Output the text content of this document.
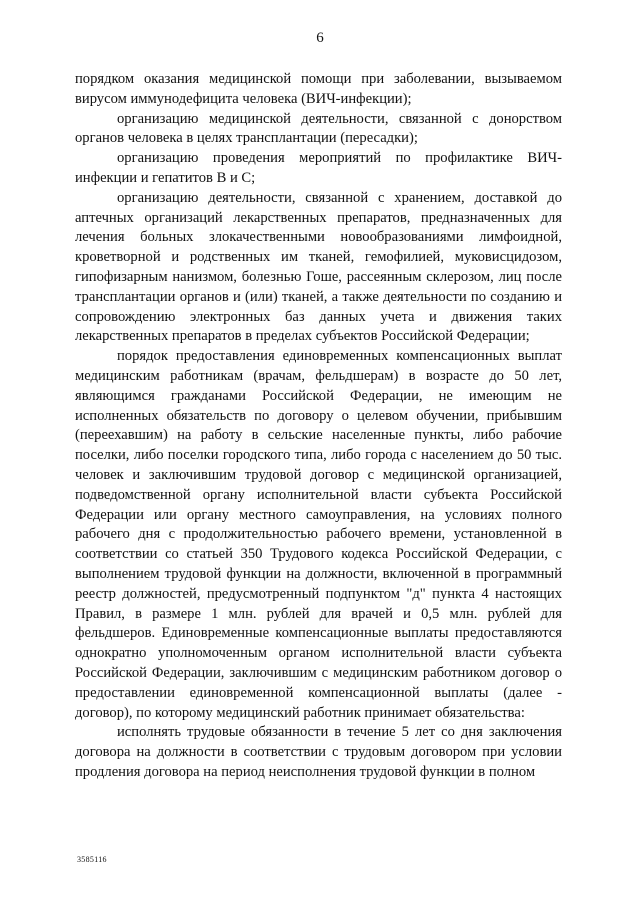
6

порядком оказания медицинской помощи при заболевании, вызываемом вирусом иммунодефицита человека (ВИЧ-инфекции);

организацию медицинской деятельности, связанной с донорством органов человека в целях трансплантации (пересадки);

организацию проведения мероприятий по профилактике ВИЧ-инфекции и гепатитов B и C;

организацию деятельности, связанной с хранением, доставкой до аптечных организаций лекарственных препаратов, предназначенных для лечения больных злокачественными новообразованиями лимфоидной, кроветворной и родственных им тканей, гемофилией, муковисцидозом, гипофизарным нанизмом, болезнью Гоше, рассеянным склерозом, лиц после трансплантации органов и (или) тканей, а также деятельности по созданию и сопровождению электронных баз данных учета и движения таких лекарственных препаратов в пределах субъектов Российской Федерации;

порядок предоставления единовременных компенсационных выплат медицинским работникам (врачам, фельдшерам) в возрасте до 50 лет, являющимся гражданами Российской Федерации, не имеющим не исполненных обязательств по договору о целевом обучении, прибывшим (переехавшим) на работу в сельские населенные пункты, либо рабочие поселки, либо поселки городского типа, либо города с населением до 50 тыс. человек и заключившим трудовой договор с медицинской организацией, подведомственной органу исполнительной власти субъекта Российской Федерации или органу местного самоуправления, на условиях полного рабочего дня с продолжительностью рабочего времени, установленной в соответствии со статьей 350 Трудового кодекса Российской Федерации, с выполнением трудовой функции на должности, включенной в программный реестр должностей, предусмотренный подпунктом "д" пункта 4 настоящих Правил, в размере 1 млн. рублей для врачей и 0,5 млн. рублей для фельдшеров. Единовременные компенсационные выплаты предоставляются однократно уполномоченным органом исполнительной власти субъекта Российской Федерации, заключившим с медицинским работником договор о предоставлении единовременной компенсационной выплаты (далее - договор), по которому медицинский работник принимает обязательства:

исполнять трудовые обязанности в течение 5 лет со дня заключения договора на должности в соответствии с трудовым договором при условии продления договора на период неисполнения трудовой функции в полном

3585116
